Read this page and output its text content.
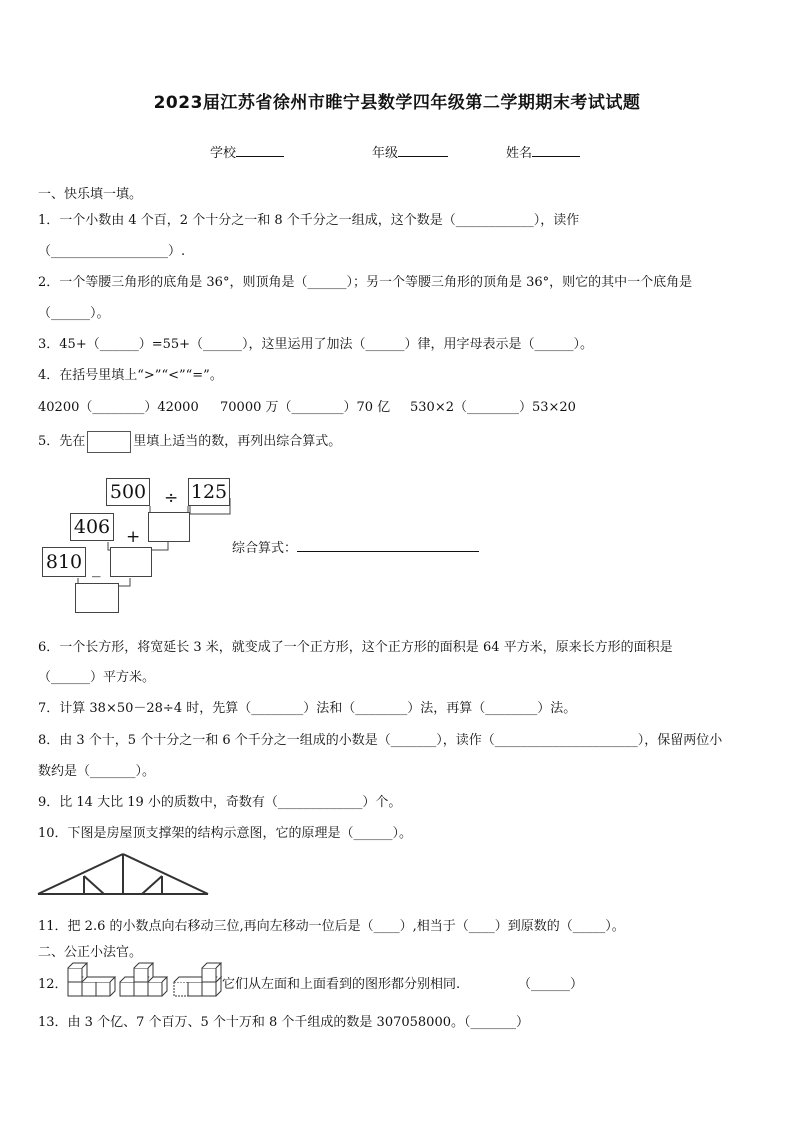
2023届江苏省徐州市睢宁县数学四年级第二学期期末考试试题
学校	年级	姓名
一、快乐填一填。
1．一个小数由 4 个百，2 个十分之一和 8 个千分之一组成，这个数是（____________），读作
（__________________）.
2．一个等腰三角形的底角是 36°，则顶角是（______）；另一个等腰三角形的顶角是 36°，则它的其中一个底角是
（______）。
3．45+（______）=55+（______），这里运用了加法（______）律，用字母表示是（______）。
4．在括号里填上“>”“<”“=”。
40200（________）42000 70000 万（________）70 亿 530×2（________）53×20
5．先在	里填上适当的数，再列出综合算式。
500 ÷ 125
406 +
810 _
综合算式：
6．一个长方形，将宽延长 3 米，就变成了一个正方形，这个正方形的面积是 64 平方米，原来长方形的面积是
（______）平方米。
7．计算 38×50－28÷4 时，先算（________）法和（________）法，再算（________）法。
8．由 3 个十，5 个十分之一和 6 个千分之一组成的小数是（_______），读作（______________________），保留两位小
数约是（_______）。
9．比 14 大比 19 小的质数中，奇数有（_____________）个。
10．下图是房屋顶支撑架的结构示意图，它的原理是（______）。
11．把 2.6 的小数点向右移动三位,再向左移动一位后是（____）,相当于（____）到原数的（_____）。
二、公正小法官。
12．	它们从左面和上面看到的图形都分别相同.	（______）
13．由 3 个亿、7 个百万、5 个十万和 8 个千组成的数是 307058000。（_______）
